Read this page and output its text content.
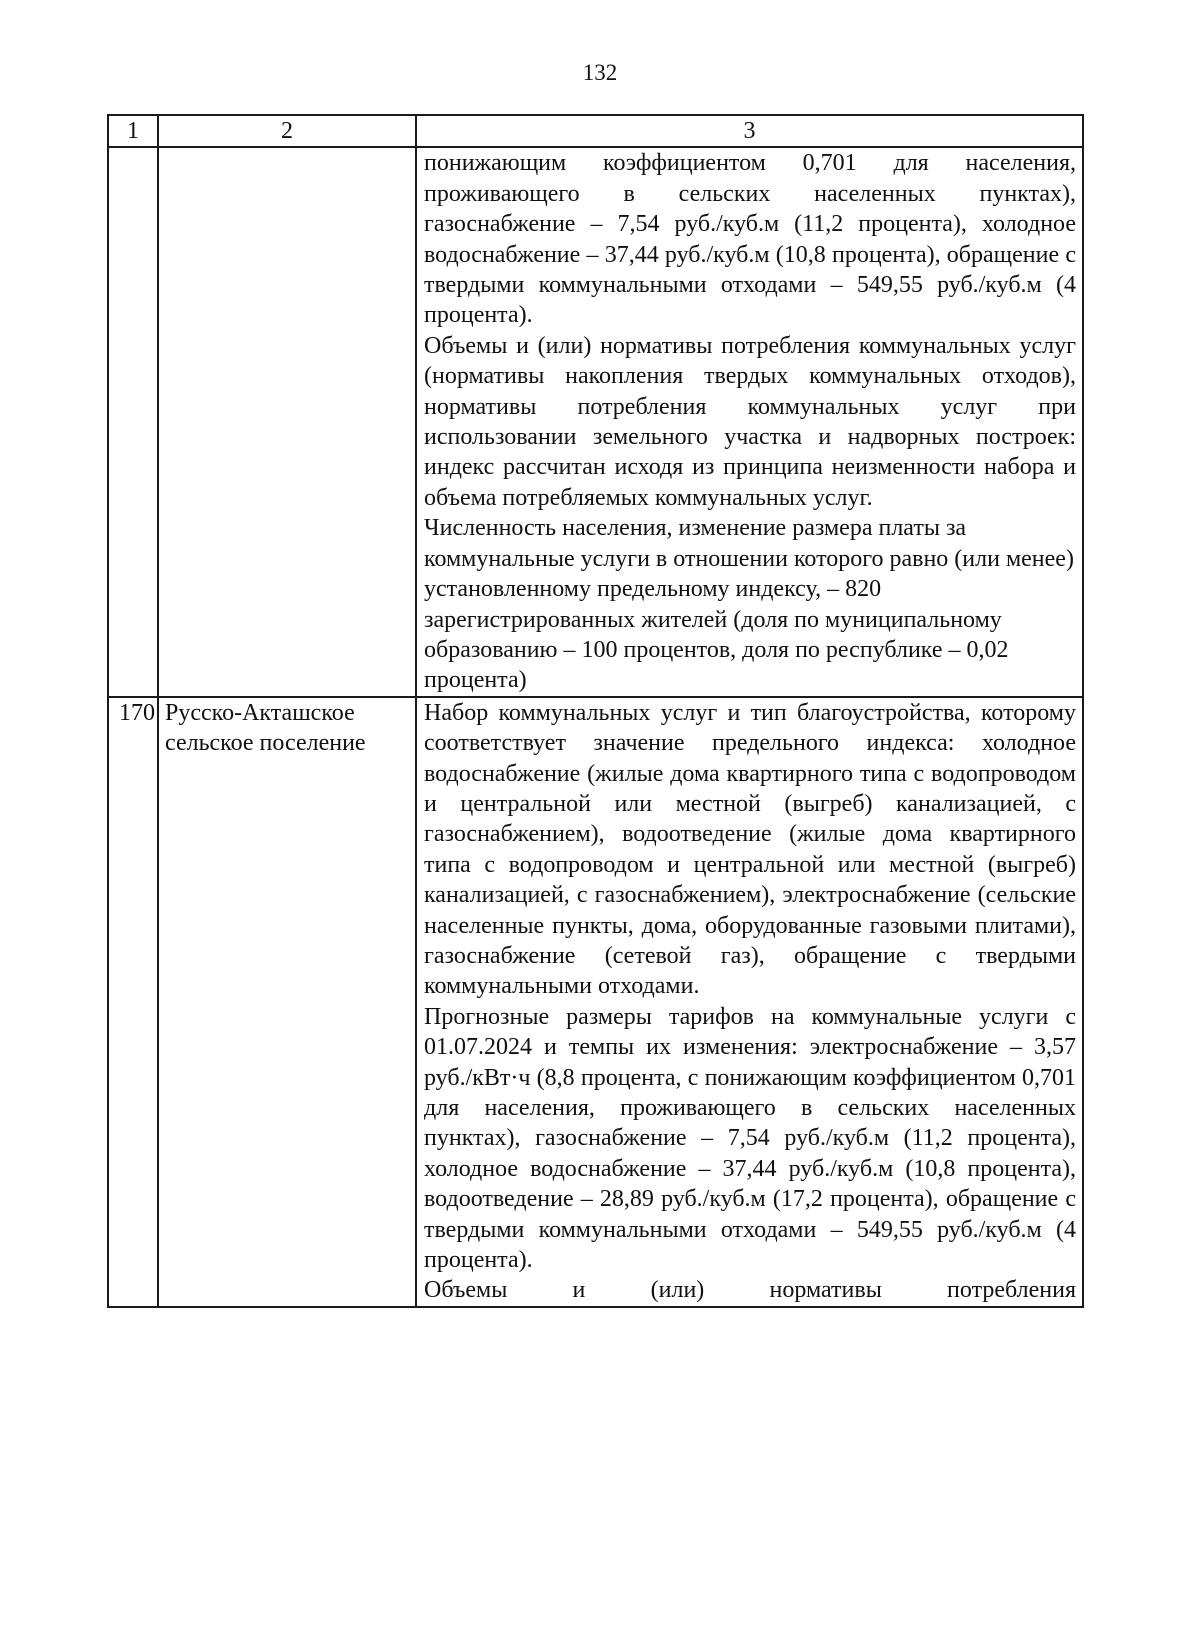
132
1	2	3

		понижающим коэффициентом 0,701 для населения, проживающего в сельских населенных пунктах), газоснабжение – 7,54 руб./куб.м (11,2 процента), холодное водоснабжение – 37,44 руб./куб.м (10,8 процента), обращение с твердыми коммунальными отходами – 549,55 руб./куб.м (4 процента).

Объемы и (или) нормативы потребления коммунальных услуг (нормативы накопления твердых коммунальных отходов), нормативы потребления коммунальных услуг при использовании земельного участка и надворных построек: индекс рассчитан исходя из принципа неизменности набора и объема потребляемых коммунальных услуг.

Численность населения, изменение размера платы за коммунальные услуги в отношении которого равно (или менее) установленному предельному индексу, – 820 зарегистрированных жителей (доля по муниципальному образованию – 100 процентов, доля по республике – 0,02 процента)

170	Русско-Акташское сельское поселение	Набор коммунальных услуг и тип благоустройства, которому соответствует значение предельного индекса: холодное водоснабжение (жилые дома квартирного типа с водопроводом и центральной или местной (выгреб) канализацией, с газоснабжением), водоотведение (жилые дома квартирного типа с водопроводом и центральной или местной (выгреб) канализацией, с газоснабжением), электроснабжение (сельские населенные пункты, дома, оборудованные газовыми плитами), газоснабжение (сетевой газ), обращение с твердыми коммунальными отходами.

Прогнозные размеры тарифов на коммунальные услуги с 01.07.2024 и темпы их изменения: электроснабжение – 3,57 руб./кВт·ч (8,8 процента, с понижающим коэффициентом 0,701 для населения, проживающего в сельских населенных пунктах), газоснабжение – 7,54 руб./куб.м (11,2 процента), холодное водоснабжение – 37,44 руб./куб.м (10,8 процента), водоотведение – 28,89 руб./куб.м (17,2 процента), обращение с твердыми коммунальными отходами – 549,55 руб./куб.м (4 процента).

Объемы и (или) нормативы потребления
